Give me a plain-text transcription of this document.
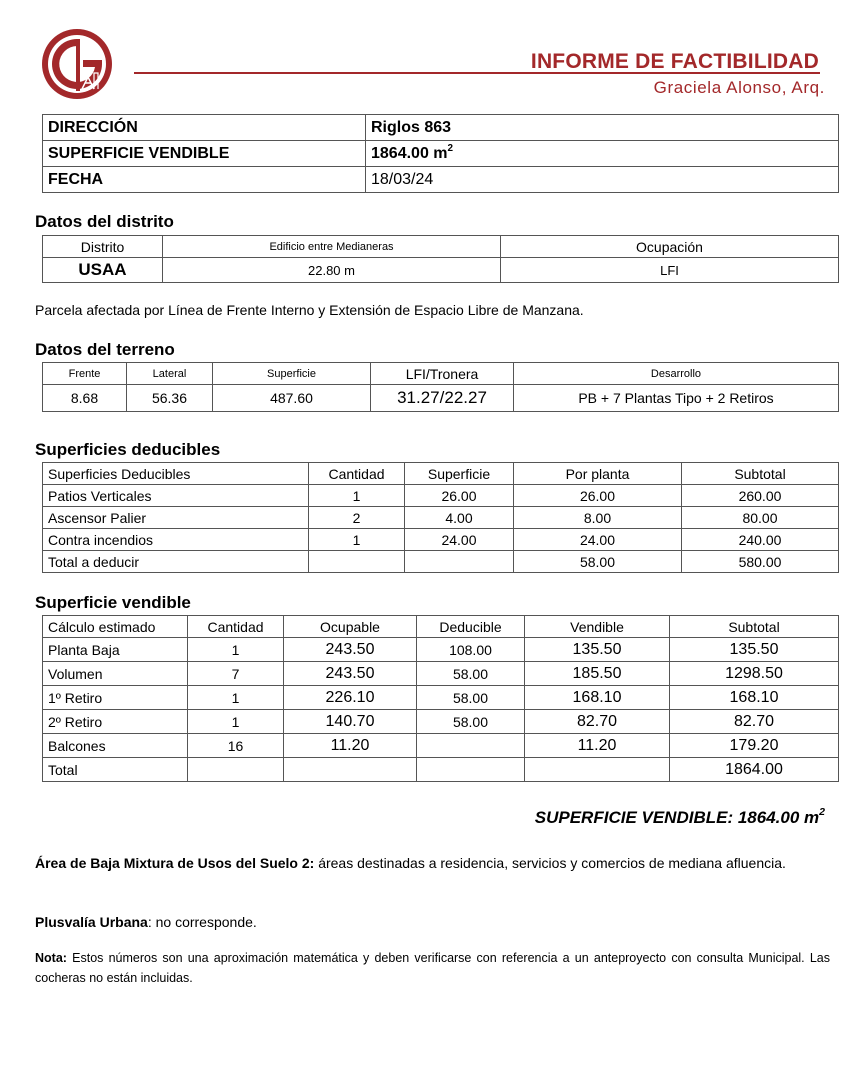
INFORME DE FACTIBILIDAD
Graciela Alonso, Arq.
DIRECCIÓN	Riglos 863
SUPERFICIE VENDIBLE	1864.00 $m^2$
FECHA	18/03/24
Datos del distrito
Distrito	Edificio entre Medianeras	Ocupación
USAA	22.80 m	LFI
Parcela afectada por Línea de Frente Interno y Extensión de Espacio Libre de Manzana.
Datos del terreno
Frente	Lateral	Superficie	LFI/Tronera	Desarrollo
8.68	56.36	487.60	31.27/22.27	PB + 7 Plantas Tipo + 2 Retiros
Superficies deducibles
Superficies Deducibles	Cantidad	Superficie	Por planta	Subtotal
Patios Verticales	1	26.00	26.00	260.00
Ascensor Palier	2	4.00	8.00	80.00
Contra incendios	1	24.00	24.00	240.00
Total a deducir			58.00	580.00
Superficie vendible
Cálculo estimado	Cantidad	Ocupable	Deducible	Vendible	Subtotal
Planta Baja	1	243.50	108.00	135.50	135.50
Volumen	7	243.50	58.00	185.50	1298.50
1º Retiro	1	226.10	58.00	168.10	168.10
2º Retiro	1	140.70	58.00	82.70	82.70
Balcones	16	11.20		11.20	179.20
Total					1864.00
SUPERFICIE VENDIBLE: 1864.00 $m^2$
Área de Baja Mixtura de Usos del Suelo 2: áreas destinadas a residencia, servicios y comercios de mediana afluencia.
Plusvalía Urbana: no corresponde.
Nota: Estos números son una aproximación matemática y deben verificarse con referencia a un anteproyecto con consulta Municipal. Las cocheras no están incluidas.
